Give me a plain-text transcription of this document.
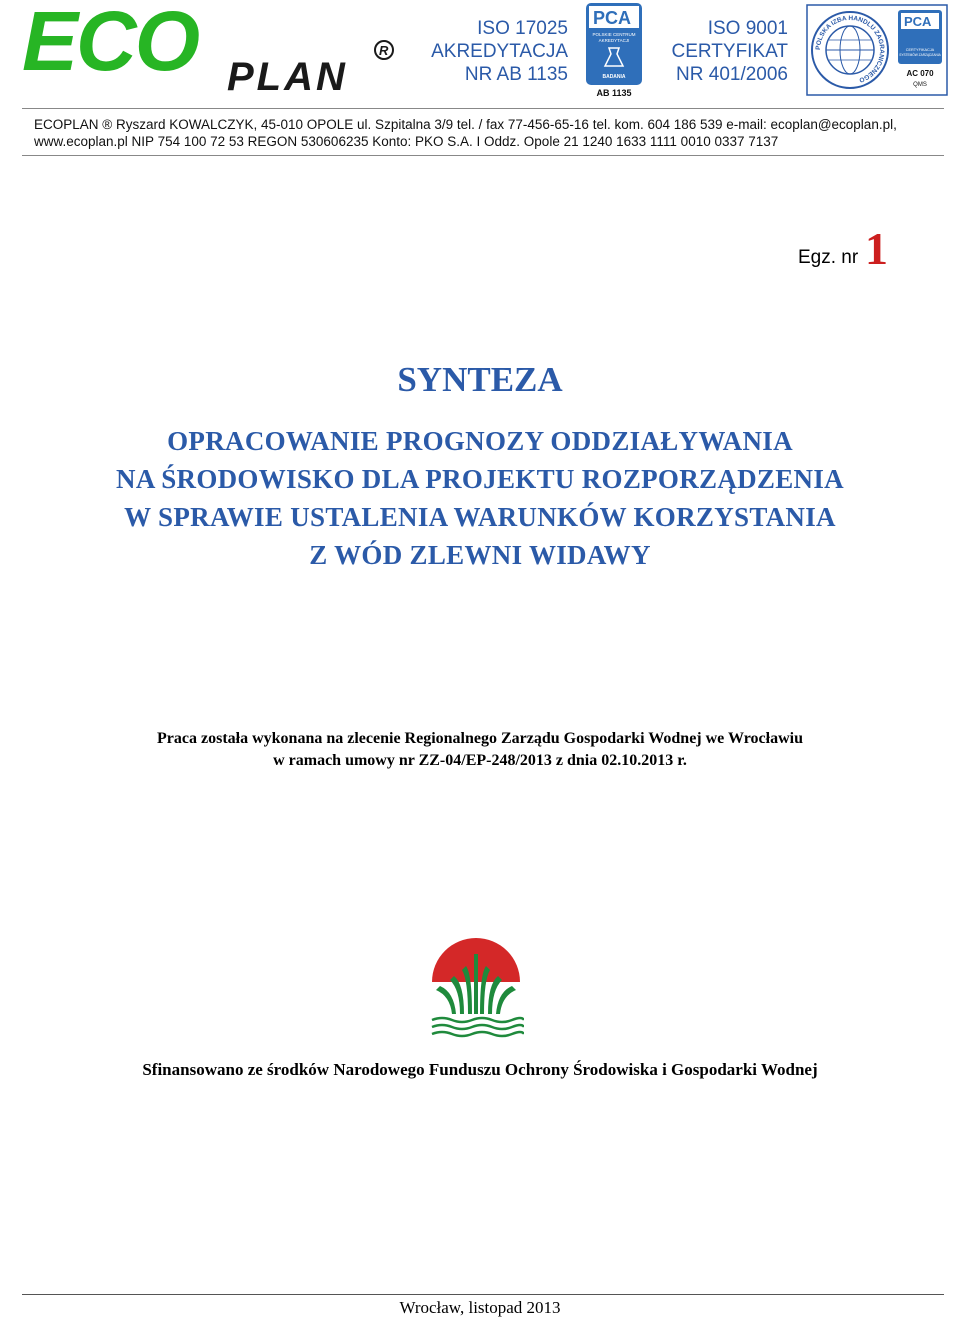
ECO PLAN
R
ISO 17025
AKREDYTACJA
NR AB 1135
PCA
POLSKIE CENTRUM
AKREDYTACJI
BADANIA
AB 1135
ISO 9001
CERTYFIKAT
NR 401/2006
POLSKA IZBA HANDLU ZAGRANICZNEGO
PCA
CERTYFIKACJA
SYSTEMÓW ZARZĄDZANIA
AC 070
QMS
ECOPLAN ® Ryszard KOWALCZYK, 45-010 OPOLE ul. Szpitalna 3/9 tel. / fax 77-456-65-16 tel. kom. 604 186 539 e-mail: ecoplan@ecoplan.pl,
www.ecoplan.pl NIP 754 100 72 53 REGON 530606235 Konto: PKO S.A. I Oddz. Opole 21 1240 1633 1111 0010 0337 7137
Egz. nr 1
SYNTEZA
OPRACOWANIE PROGNOZY ODDZIAŁYWANIA
NA ŚRODOWISKO DLA PROJEKTU ROZPORZĄDZENIA
W SPRAWIE USTALENIA WARUNKÓW KORZYSTANIA
Z WÓD ZLEWNI WIDAWY
Praca została wykonana na zlecenie Regionalnego Zarządu Gospodarki Wodnej we Wrocławiu
w ramach umowy nr ZZ-04/EP-248/2013 z dnia 02.10.2013 r.
Sfinansowano ze środków Narodowego Funduszu Ochrony Środowiska i Gospodarki Wodnej
Wrocław, listopad 2013
